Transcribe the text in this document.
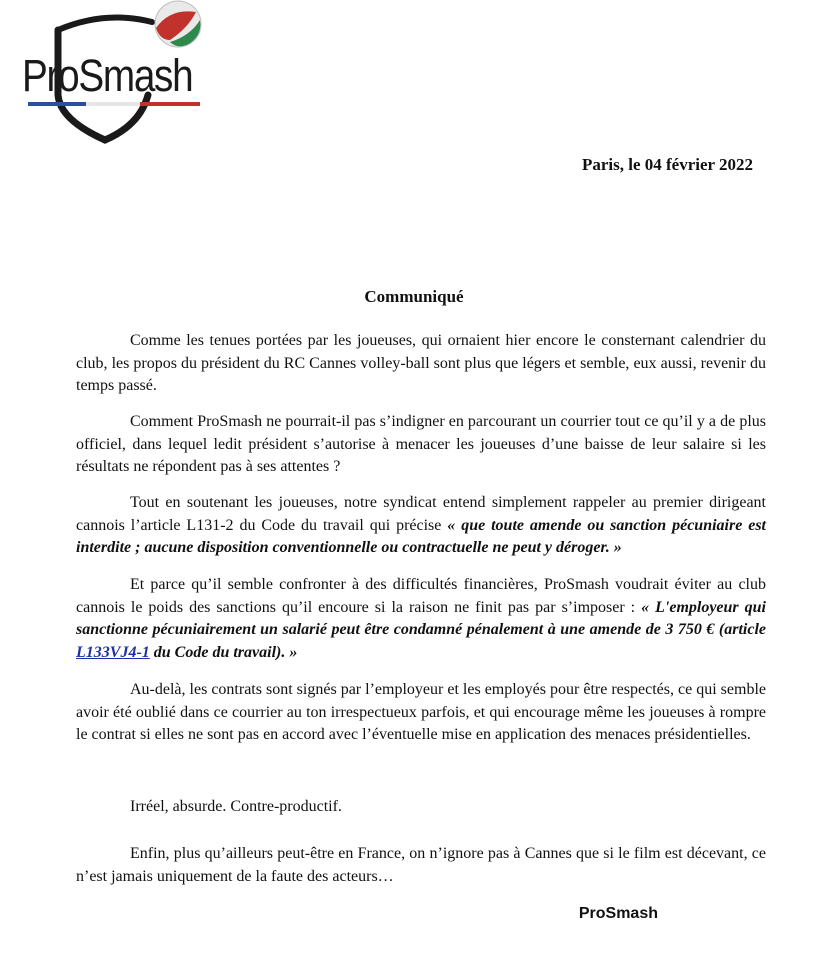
ProSmash
Paris, le 04 février 2022
Communiqué

Comme les tenues portées par les joueuses, qui ornaient hier encore le consternant calendrier du club, les propos du président du RC Cannes volley-ball sont plus que légers et semble, eux aussi, revenir du temps passé.

Comment ProSmash ne pourrait-il pas s’indigner en parcourant un courrier tout ce qu’il y a de plus officiel, dans lequel ledit président s’autorise à menacer les joueuses d’une baisse de leur salaire si les résultats ne répondent pas à ses attentes ?

Tout en soutenant les joueuses, notre syndicat entend simplement rappeler au premier dirigeant cannois l’article L131-2 du Code du travail qui précise « que toute amende ou sanction pécuniaire est interdite ; aucune disposition conventionnelle ou contractuelle ne peut y déroger. »

Et parce qu’il semble confronter à des difficultés financières, ProSmash voudrait éviter au club cannois le poids des sanctions qu’il encoure si la raison ne finit pas par s’imposer : « L'employeur qui sanctionne pécuniairement un salarié peut être condamné pénalement à une amende de 3 750 € (article L133VJ4-1 du Code du travail). »

Au-delà, les contrats sont signés par l’employeur et les employés pour être respectés, ce qui semble avoir été oublié dans ce courrier au ton irrespectueux parfois, et qui encourage même les joueuses à rompre le contrat si elles ne sont pas en accord avec l’éventuelle mise en application des menaces présidentielles.

Irréel, absurde. Contre-productif.

Enfin, plus qu’ailleurs peut-être en France, on n’ignore pas à Cannes que si le film est décevant, ce n’est jamais uniquement de la faute des acteurs…

ProSmash
